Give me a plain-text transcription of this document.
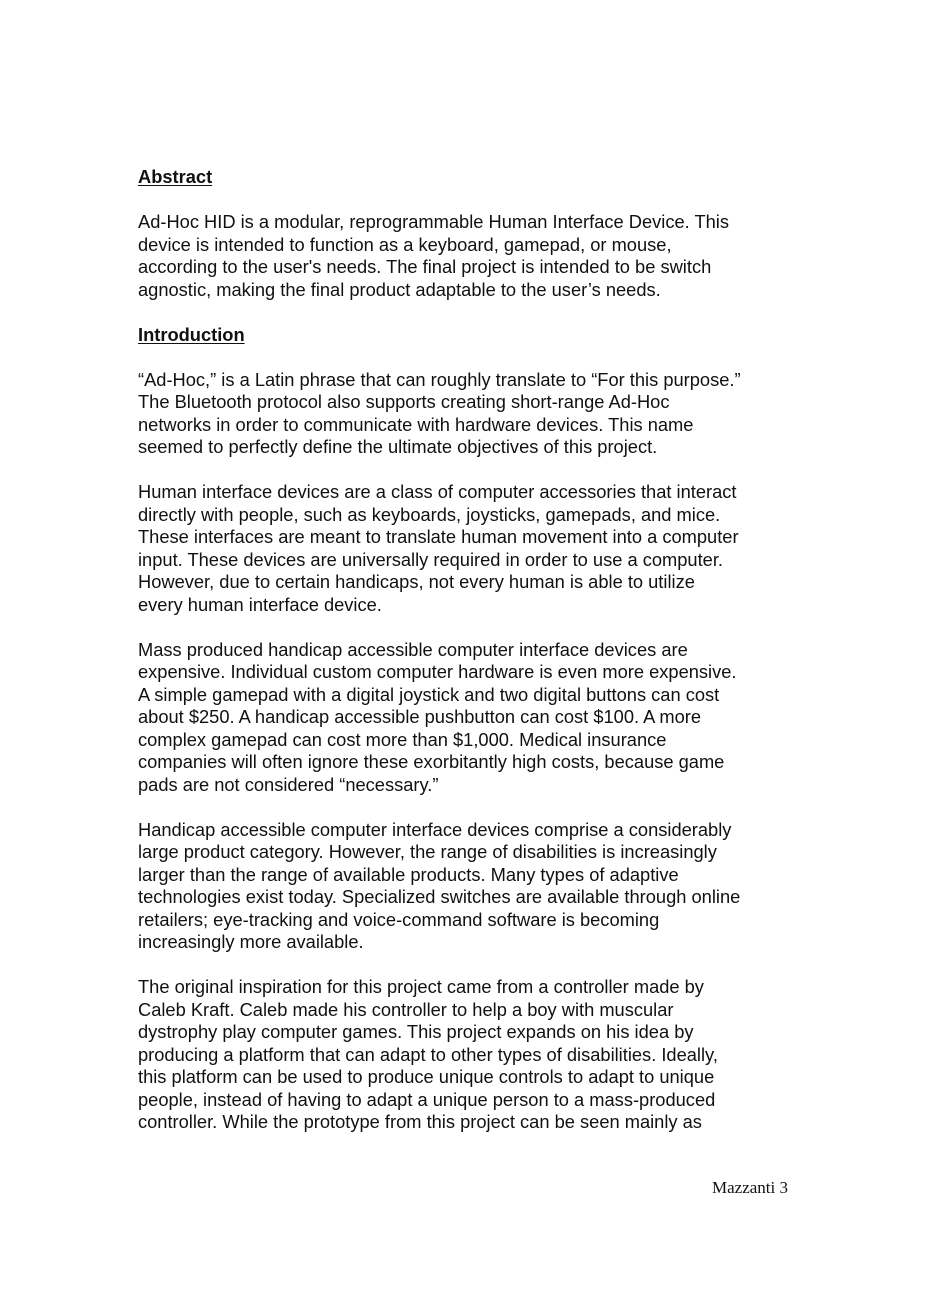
Abstract
Ad-Hoc HID is a modular, reprogrammable Human Interface Device. This
device is intended to function as a keyboard, gamepad, or mouse,
according to the user's needs. The final project is intended to be switch
agnostic, making the final product adaptable to the user’s needs.
Introduction
“Ad-Hoc,” is a Latin phrase that can roughly translate to “For this purpose.”
The Bluetooth protocol also supports creating short-range Ad-Hoc
networks in order to communicate with hardware devices. This name
seemed to perfectly define the ultimate objectives of this project.
Human interface devices are a class of computer accessories that interact
directly with people, such as keyboards, joysticks, gamepads, and mice.
These interfaces are meant to translate human movement into a computer
input. These devices are universally required in order to use a computer.
However, due to certain handicaps, not every human is able to utilize
every human interface device.
Mass produced handicap accessible computer interface devices are
expensive. Individual custom computer hardware is even more expensive.
A simple gamepad with a digital joystick and two digital buttons can cost
about $250. A handicap accessible pushbutton can cost $100. A more
complex gamepad can cost more than $1,000. Medical insurance
companies will often ignore these exorbitantly high costs, because game
pads are not considered “necessary.”
Handicap accessible computer interface devices comprise a considerably
large product category. However, the range of disabilities is increasingly
larger than the range of available products. Many types of adaptive
technologies exist today. Specialized switches are available through online
retailers; eye-tracking and voice-command software is becoming
increasingly more available.
The original inspiration for this project came from a controller made by
Caleb Kraft. Caleb made his controller to help a boy with muscular
dystrophy play computer games. This project expands on his idea by
producing a platform that can adapt to other types of disabilities. Ideally,
this platform can be used to produce unique controls to adapt to unique
people, instead of having to adapt a unique person to a mass-produced
controller. While the prototype from this project can be seen mainly as
Mazzanti 3
